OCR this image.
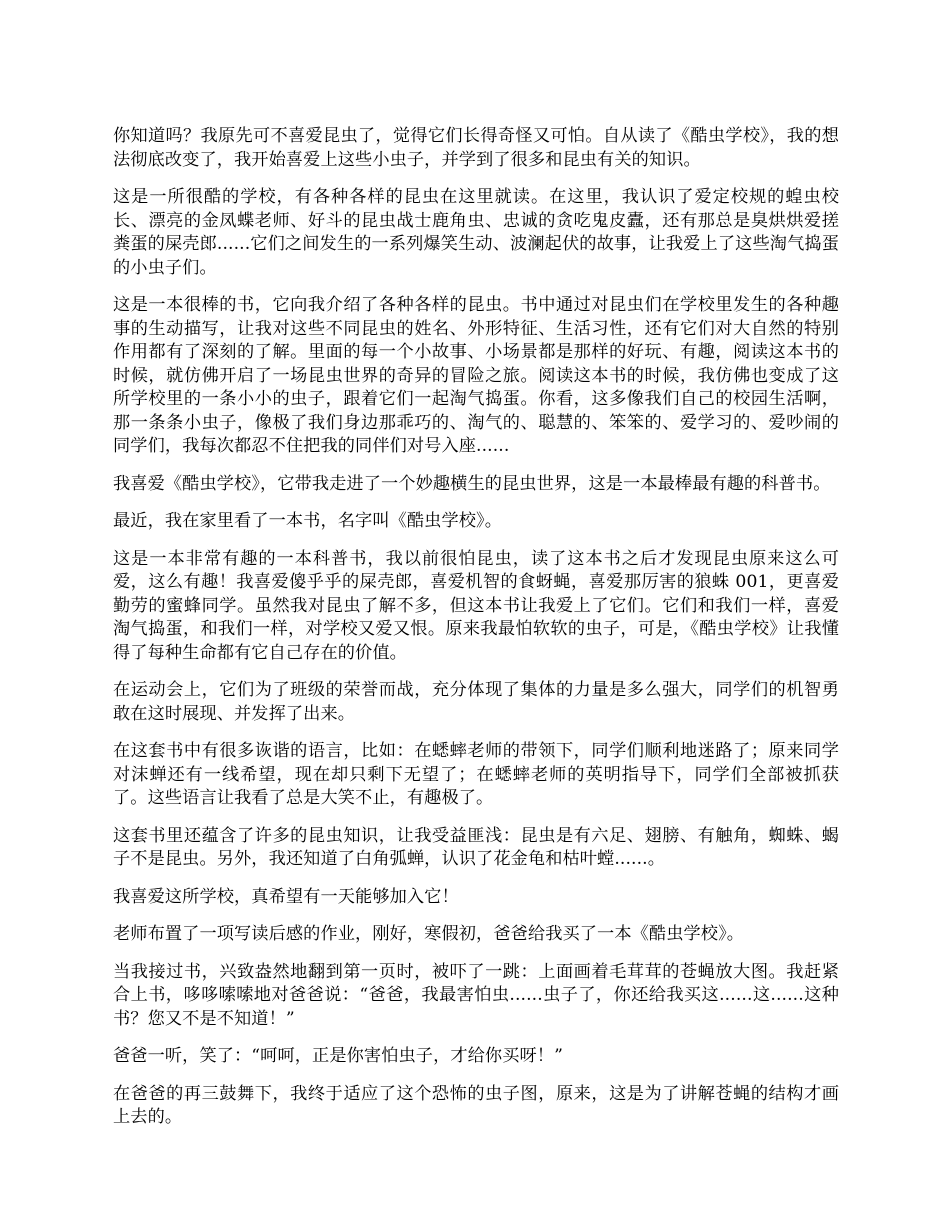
你知道吗？我原先可不喜爱昆虫了，觉得它们长得奇怪又可怕。自从读了《酷虫学校》，我的想法彻底改变了，我开始喜爱上这些小虫子，并学到了很多和昆虫有关的知识。

这是一所很酷的学校，有各种各样的昆虫在这里就读。在这里，我认识了爱定校规的蝗虫校长、漂亮的金凤蝶老师、好斗的昆虫战士鹿角虫、忠诚的贪吃鬼皮蠹，还有那总是臭烘烘爱搓粪蛋的屎壳郎......它们之间发生的一系列爆笑生动、波澜起伏的故事，让我爱上了这些淘气捣蛋的小虫子们。

这是一本很棒的书，它向我介绍了各种各样的昆虫。书中通过对昆虫们在学校里发生的各种趣事的生动描写，让我对这些不同昆虫的姓名、外形特征、生活习性，还有它们对大自然的特别作用都有了深刻的了解。里面的每一个小故事、小场景都是那样的好玩、有趣，阅读这本书的时候，就仿佛开启了一场昆虫世界的奇异的冒险之旅。阅读这本书的时候，我仿佛也变成了这所学校里的一条小小的虫子，跟着它们一起淘气捣蛋。你看，这多像我们自己的校园生活啊，那一条条小虫子，像极了我们身边那乖巧的、淘气的、聪慧的、笨笨的、爱学习的、爱吵闹的同学们，我每次都忍不住把我的同伴们对号入座......

我喜爱《酷虫学校》，它带我走进了一个妙趣横生的昆虫世界，这是一本最棒最有趣的科普书。

最近，我在家里看了一本书，名字叫《酷虫学校》。

这是一本非常有趣的一本科普书，我以前很怕昆虫，读了这本书之后才发现昆虫原来这么可爱，这么有趣！我喜爱傻乎乎的屎壳郎，喜爱机智的食蚜蝇，喜爱那厉害的狼蛛 001，更喜爱勤劳的蜜蜂同学。虽然我对昆虫了解不多，但这本书让我爱上了它们。它们和我们一样，喜爱淘气捣蛋，和我们一样，对学校又爱又恨。原来我最怕软软的虫子，可是，《酷虫学校》让我懂得了每种生命都有它自己存在的价值。

在运动会上，它们为了班级的荣誉而战，充分体现了集体的力量是多么强大，同学们的机智勇敢在这时展现、并发挥了出来。

在这套书中有很多诙谐的语言，比如：在蟋蟀老师的带领下，同学们顺利地迷路了；原来同学对沫蝉还有一线希望，现在却只剩下无望了；在蟋蟀老师的英明指导下，同学们全部被抓获了。这些语言让我看了总是大笑不止，有趣极了。

这套书里还蕴含了许多的昆虫知识，让我受益匪浅：昆虫是有六足、翅膀、有触角，蜘蛛、蝎子不是昆虫。另外，我还知道了白角弧蝉，认识了花金龟和枯叶螳......。

我喜爱这所学校，真希望有一天能够加入它！

老师布置了一项写读后感的作业，刚好，寒假初，爸爸给我买了一本《酷虫学校》。

当我接过书，兴致盎然地翻到第一页时，被吓了一跳：上面画着毛茸茸的苍蝇放大图。我赶紧合上书，哆哆嗦嗦地对爸爸说：“爸爸，我最害怕虫......虫子了，你还给我买这......这......这种书？您又不是不知道！”

爸爸一听，笑了：“呵呵，正是你害怕虫子，才给你买呀！”

在爸爸的再三鼓舞下，我终于适应了这个恐怖的虫子图，原来，这是为了讲解苍蝇的结构才画上去的。
